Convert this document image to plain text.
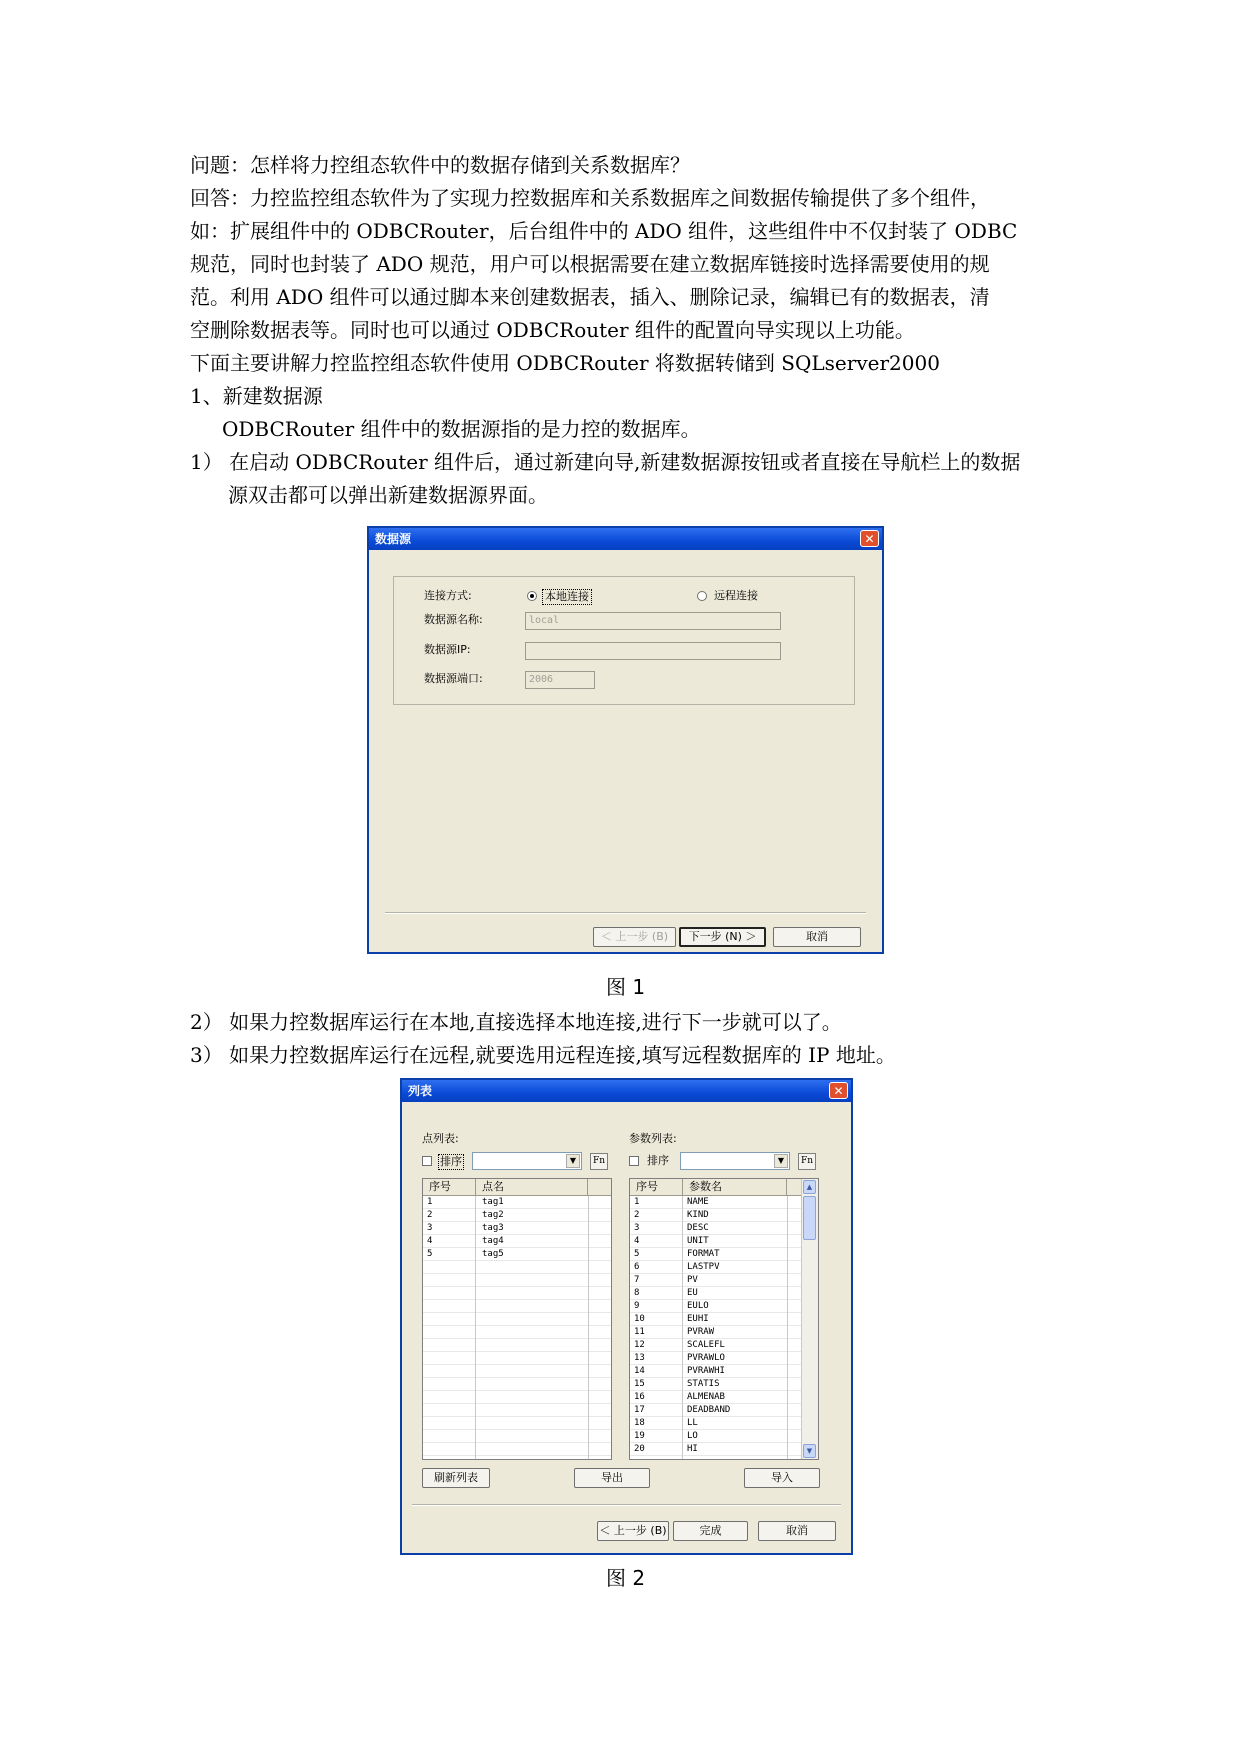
问题：怎样将力控组态软件中的数据存储到关系数据库？
回答：力控监控组态软件为了实现力控数据库和关系数据库之间数据传输提供了多个组件，
如：扩展组件中的 ODBCRouter，后台组件中的 ADO 组件，这些组件中不仅封装了 ODBC
规范，同时也封装了 ADO 规范，用户可以根据需要在建立数据库链接时选择需要使用的规
范。利用 ADO 组件可以通过脚本来创建数据表，插入、删除记录，编辑已有的数据表，清
空删除数据表等。同时也可以通过 ODBCRouter 组件的配置向导实现以上功能。
下面主要讲解力控监控组态软件使用 ODBCRouter 将数据转储到 SQLserver2000
1、新建数据源
ODBCRouter 组件中的数据源指的是力控的数据库。
1） 在启动 ODBCRouter 组件后，通过新建向导,新建数据源按钮或者直接在导航栏上的数据
源双击都可以弹出新建数据源界面。
数据源	✕
连接方式:	本地连接	远程连接
数据源名称:	local
数据源IP:
数据源端口:	2006
＜ 上一步 (B)	下一步 (N) ＞	取消
图 1
2） 如果力控数据库运行在本地,直接选择本地连接,进行下一步就可以了。
3） 如果力控数据库运行在远程,就要选用远程连接,填写远程数据库的 IP 地址。
列表	✕
点列表:
排序	▼	Fn
序号	点名
1	tag1
2	tag2
3	tag3
4	tag4
5	tag5
参数列表:
排序	▼	Fn
序号	参数名
1	NAME
2	KIND
3	DESC
4	UNIT
5	FORMAT
6	LASTPV
7	PV
8	EU
9	EULO
10	EUHI
11	PVRAW
12	SCALEFL
13	PVRAWLO
14	PVRAWHI
15	STATIS
16	ALMENAB
17	DEADBAND
18	LL
19	LO
20	HI
▲
▼
刷新列表	导出	导入
＜ 上一步 (B)	完成	取消
图 2
